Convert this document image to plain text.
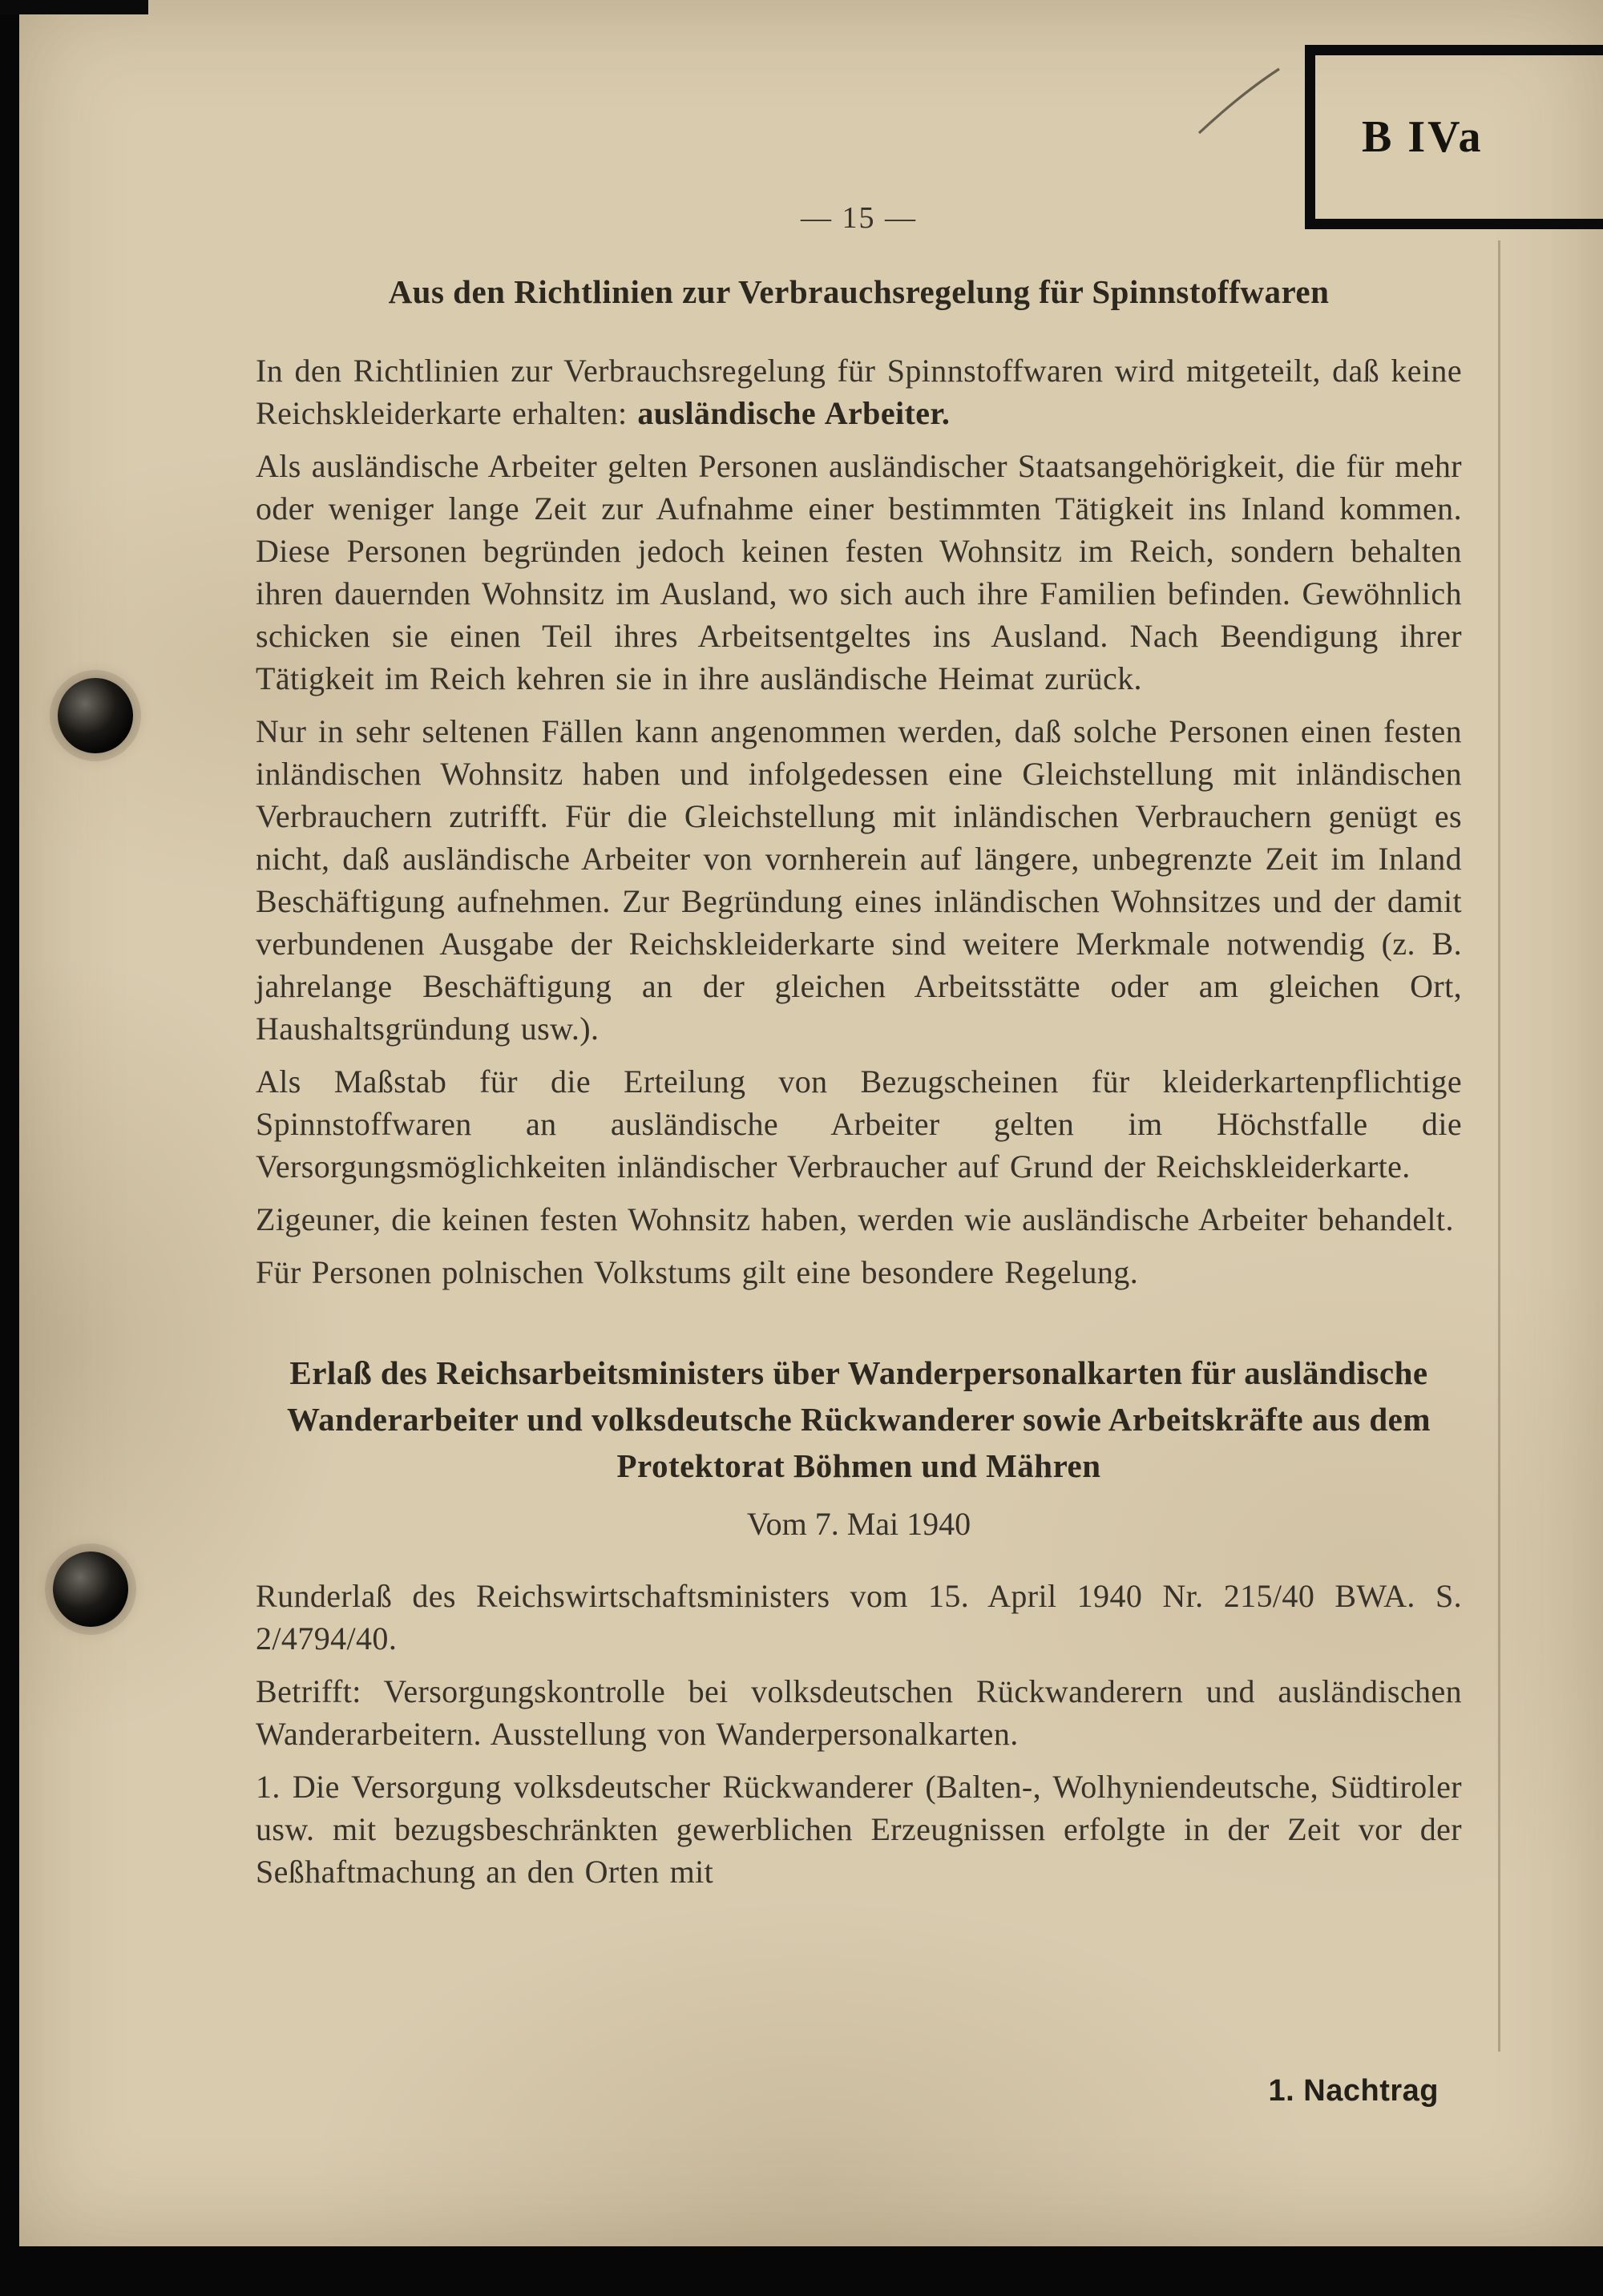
— 15 —
Aus den Richtlinien zur Verbrauchsregelung für Spinnstoffwaren

In den Richtlinien zur Verbrauchsregelung für Spinnstoffwaren wird mitgeteilt, daß keine Reichskleiderkarte erhalten: ausländische Arbeiter.

Als ausländische Arbeiter gelten Personen ausländischer Staatsangehörigkeit, die für mehr oder weniger lange Zeit zur Aufnahme einer bestimmten Tätigkeit ins Inland kommen. Diese Personen begründen jedoch keinen festen Wohnsitz im Reich, sondern behalten ihren dauernden Wohnsitz im Ausland, wo sich auch ihre Familien befinden. Gewöhnlich schicken sie einen Teil ihres Arbeitsentgeltes ins Ausland. Nach Beendigung ihrer Tätigkeit im Reich kehren sie in ihre ausländische Heimat zurück.

Nur in sehr seltenen Fällen kann angenommen werden, daß solche Personen einen festen inländischen Wohnsitz haben und infolgedessen eine Gleichstellung mit inländischen Verbrauchern zutrifft. Für die Gleichstellung mit inländischen Verbrauchern genügt es nicht, daß ausländische Arbeiter von vornherein auf längere, unbegrenzte Zeit im Inland Beschäftigung aufnehmen. Zur Begründung eines inländischen Wohnsitzes und der damit verbundenen Ausgabe der Reichskleiderkarte sind weitere Merkmale notwendig (z. B. jahrelange Beschäftigung an der gleichen Arbeitsstätte oder am gleichen Ort, Haushaltsgründung usw.).

Als Maßstab für die Erteilung von Bezugscheinen für kleiderkartenpflichtige Spinnstoffwaren an ausländische Arbeiter gelten im Höchstfalle die Versorgungsmöglichkeiten inländischer Verbraucher auf Grund der Reichskleiderkarte.

Zigeuner, die keinen festen Wohnsitz haben, werden wie ausländische Arbeiter behandelt.

Für Personen polnischen Volkstums gilt eine besondere Regelung.

Erlaß des Reichsarbeitsministers über Wanderpersonalkarten für ausländische Wanderarbeiter und volksdeutsche Rückwanderer sowie Arbeitskräfte aus dem Protektorat Böhmen und Mähren
Vom 7. Mai 1940

Runderlaß des Reichswirtschaftsministers vom 15. April 1940 Nr. 215/40 BWA. S. 2/4794/40.

Betrifft: Versorgungskontrolle bei volksdeutschen Rückwanderern und ausländischen Wanderarbeitern. Ausstellung von Wanderpersonalkarten.

1. Die Versorgung volksdeutscher Rückwanderer (Balten-, Wolhyniendeutsche, Südtiroler usw. mit bezugsbeschränkten gewerblichen Erzeugnissen erfolgte in der Zeit vor der Seßhaftmachung an den Orten mit

1. Nachtrag
B IVa
